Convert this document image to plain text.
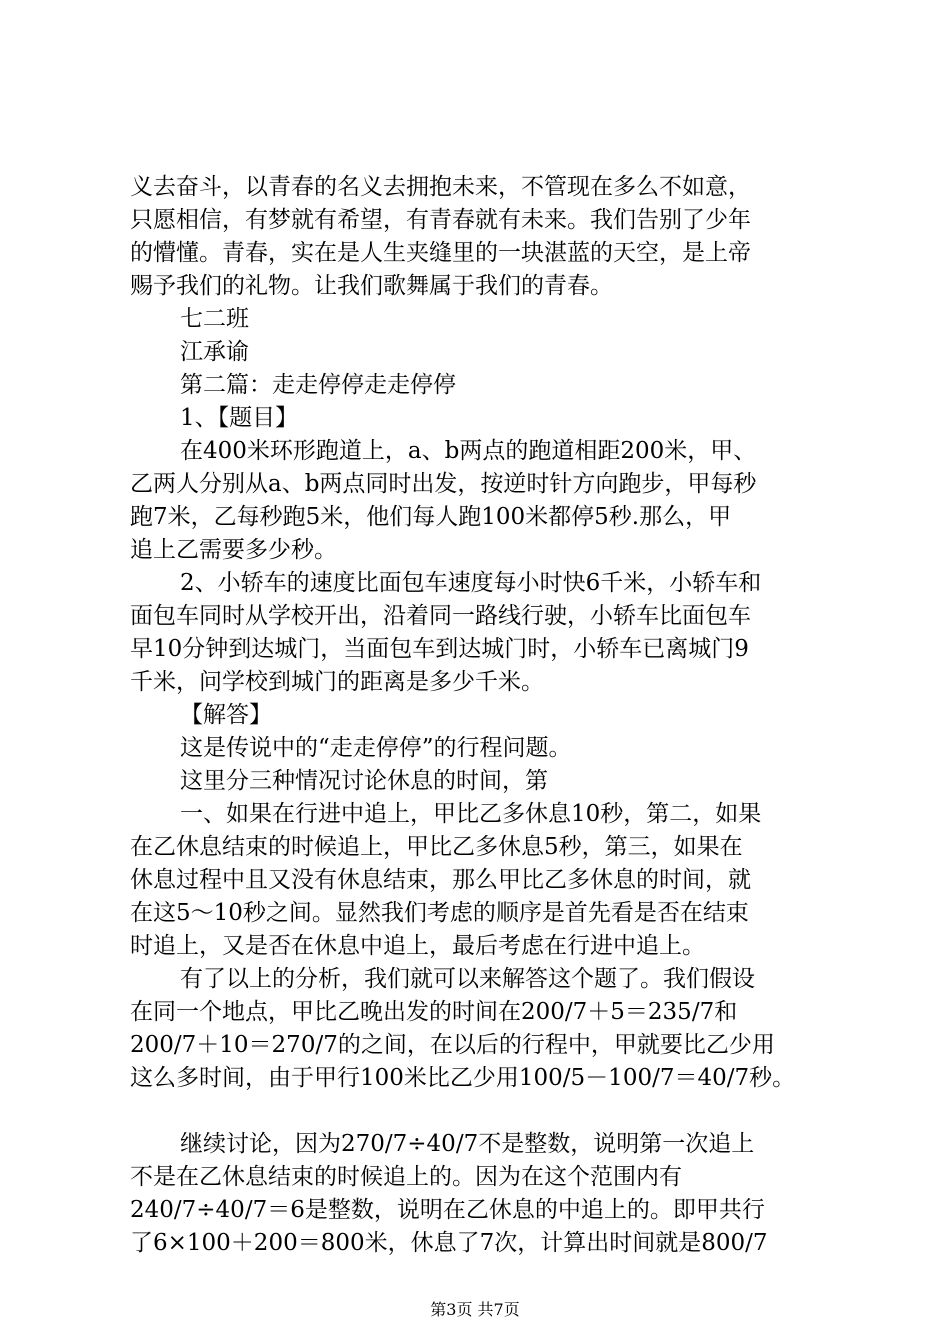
义去奋斗，以青春的名义去拥抱未来，不管现在多么不如意，
只愿相信，有梦就有希望，有青春就有未来。我们告别了少年
的懵懂。青春，实在是人生夹缝里的一块湛蓝的天空，是上帝
赐予我们的礼物。让我们歌舞属于我们的青春。
七二班
江承谕
第二篇：走走停停走走停停
1、【题目】
在400米环形跑道上，a、b两点的跑道相距200米，甲、
乙两人分别从a、b两点同时出发，按逆时针方向跑步，甲每秒
跑7米，乙每秒跑5米，他们每人跑100米都停5秒.那么，甲
追上乙需要多少秒。
2、小轿车的速度比面包车速度每小时快6千米，小轿车和
面包车同时从学校开出，沿着同一路线行驶，小轿车比面包车
早10分钟到达城门，当面包车到达城门时，小轿车已离城门9
千米，问学校到城门的距离是多少千米。
【解答】
这是传说中的“走走停停”的行程问题。
这里分三种情况讨论休息的时间，第
一、如果在行进中追上，甲比乙多休息10秒，第二，如果
在乙休息结束的时候追上，甲比乙多休息5秒，第三，如果在
休息过程中且又没有休息结束，那么甲比乙多休息的时间，就
在这5～10秒之间。显然我们考虑的顺序是首先看是否在结束
时追上，又是否在休息中追上，最后考虑在行进中追上。
有了以上的分析，我们就可以来解答这个题了。我们假设
在同一个地点，甲比乙晚出发的时间在200/7＋5＝235/7和
200/7＋10＝270/7的之间，在以后的行程中，甲就要比乙少用
这么多时间，由于甲行100米比乙少用100/5－100/7＝40/7秒。
继续讨论，因为270/7÷40/7不是整数，说明第一次追上
不是在乙休息结束的时候追上的。因为在这个范围内有
240/7÷40/7＝6是整数，说明在乙休息的中追上的。即甲共行
了6×100＋200＝800米，休息了7次，计算出时间就是800/7
第3页 共7页
